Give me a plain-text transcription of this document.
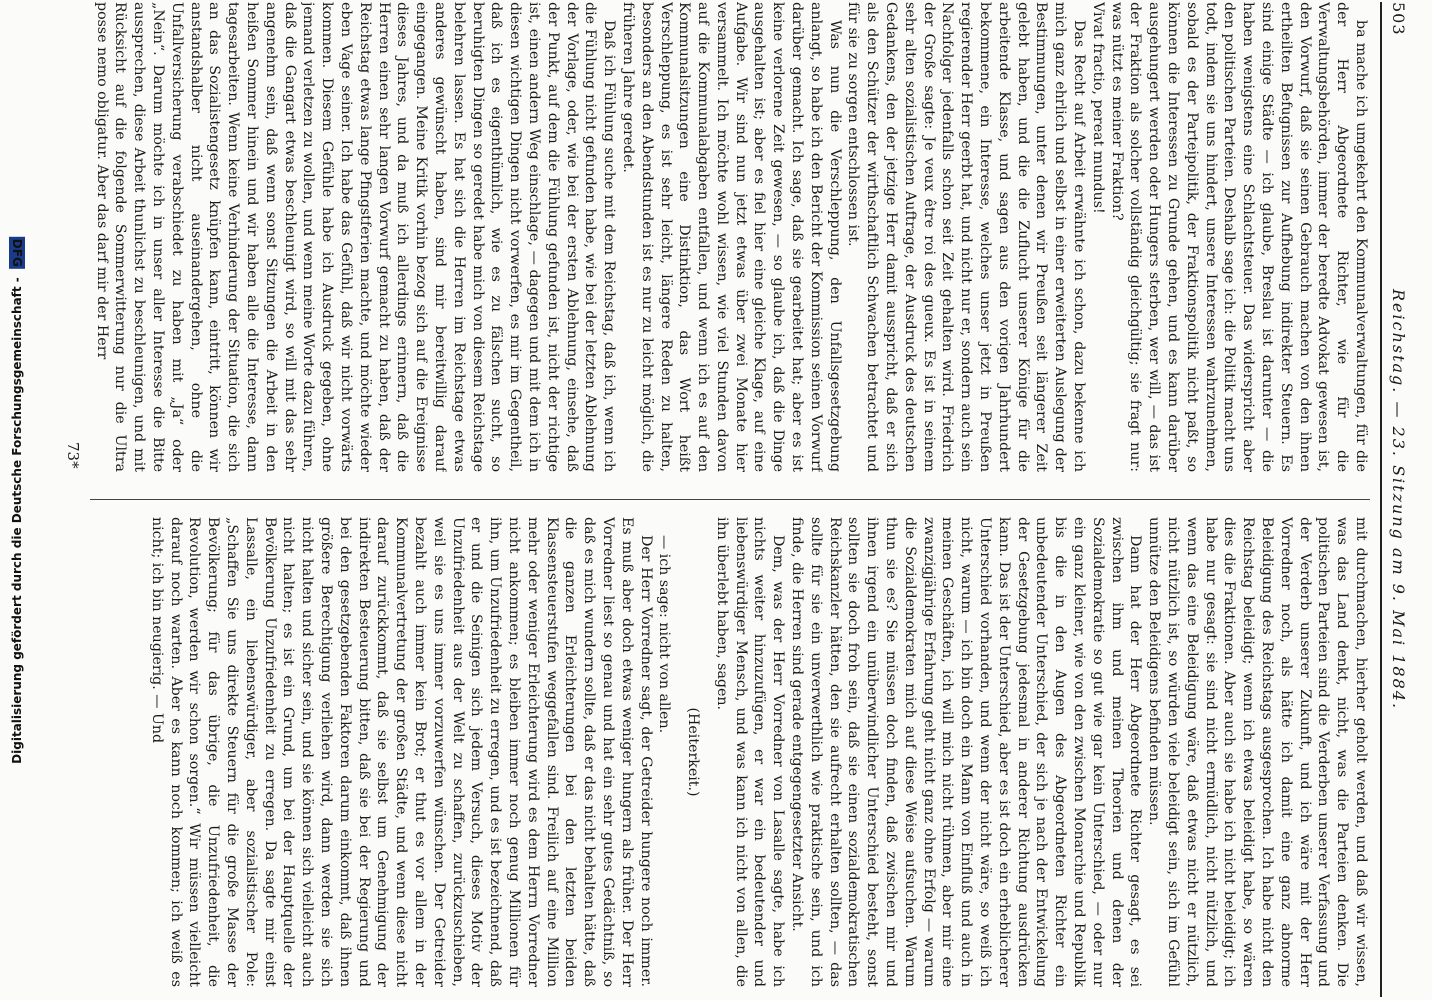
Digitalisierung gefördert durch die Deutsche Forschungsgemeinschaft - DFG
503
Reichstag. — 23. Sitzung am 9. Mai 1884.

ba mache ich umgekehrt den Kommunalverwaltungen, für die der Herr Abgeordnete Richter, wie für die Verwaltungsbehörden, immer der beredte Advokat gewesen ist, den Vorwurf, daß sie seinen Gebrauch machen von den ihnen ertheilten Befugnissen zur Aufhebung indirekter Steuern. Es sind einige Städte — ich glaube, Breslau ist darunter — die haben wenigstens eine Schlachtsteuer. Das widerspricht aber den politischen Parteien. Deshalb sage ich: die Politik macht uns todt, indem sie uns hindert, unsere Interessen wahrzunehmen, sobald es der Parteipolitik, der Fraktionspolitik nicht paßt, so können die Interessen zu Grunde gehen, und es kann darüber ausgehungert werden oder Hungers sterben, wer will, — das ist der Fraktion als solcher vollständig gleichgültig; sie fragt nur: was nützt es meiner Fraktion?

Vivat fractio, pereat mundus!

Das Recht auf Arbeit erwähnte ich schon, dazu bekenne ich mich ganz ehrlich und selbst in einer erweiterten Auslegung der Bestimmungen, unter denen wir Preußen seit längerer Zeit gelebt haben, und die die Zuflucht unserer Könige für die arbeitende Klasse, und sagen aus den vorigen Jahrhundert bekommene, ein Interesse, welches unser jetzt in Preußen regierender Herr geerbt hat, und nicht nur er, sondern auch sein Nachfolger jedenfalls schon seit Zeit gehalten wird. Friedrich der Große sagte: Je veux être roi des gueux. Es ist in seinem sehr alten sozialistischen Auftrage, der Ausdruck des deutschen Gedankens, den der jetzige Herr damit ausspricht, daß er sich als den Schützer der wirthschaftlich Schwachen betrachtet und für sie zu sorgen entschlossen ist.

Was nun die Verschleppung, den Unfallsgesetzgebung anlangt, so habe ich den Bericht der Kommission seinen Vorwurf darüber gemacht. Ich sage, daß sie gearbeitet hat; aber es ist keine verlorene Zeit gewesen, — so glaube ich, daß die Dinge ausgehalten ist; aber es fiel hier eine gleiche Klage, auf eine Aufgabe. Wir sind nun jetzt etwas über zwei Monate hier versammelt. Ich möchte wohl wissen, wie viel Stunden davon auf die Kommunalabgaben entfallen, und wenn ich es auf den Kommunalsitzungen eine Distinktion, das Wort heißt Verschleppung, es ist sehr leicht, längere Reden zu halten, besonders an den Abendstunden ist es nur zu leicht möglich, die früheren Jahre geredet.

Daß ich Fühlung suche mit dem Reichstag, daß ich, wenn ich die Fühlung nicht gefunden habe, wie bei der letzten Ablehnung der Vorlage, oder, wie bei der ersten Ablehnung, einsehe, daß der Punkt, auf dem die Fühlung gefunden ist, nicht der richtige ist, einen andern Weg einschlage, — dagegen und mit dem ich in diesen wichtigen Dingen nicht vorwerfen, es mir im Gegentheil, daß ich es eigenthümlich, wie es zu fälschen sucht, so beruhigten Dingen so geredet habe mich von diesem Reichstage belehren lassen. Es hat sich die Herren im Reichstage etwas anderes gewünscht haben, sind mir bereitwillig darauf eingegangen. Meine Kritik vorhin bezog sich auf die Ereignisse dieses Jahres, und da muß ich allerdings erinnern, daß die Herren einen sehr langen Vorwurf gemacht zu haben, daß der Reichstag etwas lange Pfingstferien machte, und möchte wieder eben Vage seiner. Ich habe das Gefühl, daß wir nicht vorwärts kommen. Diesem Gefühle habe ich Ausdruck gegeben, ohne jemand verletzen zu wollen, und wenn meine Worte dazu führen, daß die Gangart etwas beschleunigt wird, so will mit das sehr angenehm sein, daß wenn sonst Sitzungen die Arbeit in den heißen Sommer hinein und wir haben alle die Interesse, dann tagesarbeiten. Wenn keine Verhinderung der Situation, die sich an das Sozialistengesetz knüpfen kann, eintritt, können wir anstandshalber nicht auseinandergehen, ohne die Unfallversicherung verabschiedet zu haben mit „Ja“ oder „Nein“. Darum möchte ich in unser aller Interesse die Bitte aussprechen, diese Arbeit thunlichst zu beschleunigen, und mit Rücksicht auf die folgende Sommerwitterung nur die Ultra posse nemo obligatur. Aber das darf mir der Herr

mit durchmachen, hierher geholt werden, und daß wir wissen, was das Land denkt, nicht, was die Parteien denken. Die politischen Parteien sind die Verderben unserer Verfassung und der Verderb unserer Zukunft, und ich wäre mit der Herr Vorredner noch, als hätte ich damit eine ganz abnorme Beleidigung des Reichstags ausgesprochen. Ich habe nicht den Reichstag beleidigt; wenn ich etwas beleidigt habe, so wären dies die Fraktionen. Aber auch sie habe ich nicht beleidigt; ich habe nur gesagt: sie sind nicht ermüdlich, nicht nützlich, und wenn das eine Beleidigung wäre, daß etwas nicht er nützlich, nicht nützlich ist, so würden viele beleidigt sein, sich im Gefühl unnütze den Beleidigens befinden müssen.

Dann hat der Herr Abgeordnete Richter gesagt, es sei zwischen ihm und meinen Theorien und denen der Sozialdemokratie so gut wie gar kein Unterschied, — oder nur ein ganz kleiner, wie von den zwischen Monarchie und Republik bis die in den Augen des Abgeordneten Richter ein unbedeutender Unterschied, der sich je nach der Entwickelung der Gesetzgebung jedesmal in anderer Richtung ausdrücken kann. Das ist der Unterschied, aber es ist doch ein erheblicherer Unterschied vorhanden, und wenn der nicht wäre, so weiß ich nicht, warum — ich bin doch ein Mann von Einfluß und auch in meinen Geschäften, ich will mich nicht rühmen, aber mir eine zwanzigjährige Erfahrung geht nicht ganz ohne Erfolg — warum die Sozialdemokraten mich auf diese Weise aufsuchen. Warum thun sie es? Sie müssen doch finden, daß zwischen mir und ihnen irgend ein unüberwindlicher Unterschied besteht, sonst sollten sie doch froh sein, daß sie einen sozialdemokratischen Reichskanzler hätten, den sie aufrecht erhalten sollten, — das sollte für sie ein unverwerthlich wie praktische sein, und ich finde, die Herren sind gerade entgegengesetzter Ansicht.

Dem, was der Herr Vorredner von Lasalle sagte, habe ich nichts weiter hinzuzufügen, er war ein bedeutender und liebenswürdiger Mensch, und was kann ich nicht von allen, die ihn überlebt haben, sagen.

(Heiterkeit.)

— ich sage: nicht von allen.

Der Herr Vorredner sagt, der Getreider hungere noch immer. Es muß aber doch etwas weniger hungern als früher. Der Herr Vorredner liest so genau und hat ein sehr gutes Gedächtniß, so daß es mich wundern sollte, daß er das nicht behalten hätte, daß die ganzen Erleichterungen bei den letzten beiden Klassensteuerstufen weggefallen sind. Freilich auf eine Million mehr oder weniger Erleichterung wird es dem Herrn Vorredner nicht ankommen; es bleiben immer noch genug Millionen für ihn, um Unzufriedenheit zu erregen, und es ist bezeichnend, daß er und die Seinigen sich jedem Versuch, dieses Motiv der Unzufriedenheit aus der Welt zu schaffen, zurückzuschieben, weil sie es uns immer vorzuwerfen wünschen. Der Getreider bezahlt auch immer kein Brot; er thut es vor allem in der Kommunalvertretung der großen Städte, und wenn diese nicht darauf zurückkommt, daß sie selbst um Genehmigung der indirekten Besteuerung bitten, daß sie bei der Regierung und bei den gesetzgebenden Faktoren darum einkommt, daß ihnen größere Berechtigung verliehen wird, dann werden sie sich nicht halten und sicher sein, und sie können sich vielleicht auch nicht halten; es ist ein Grund, um bei der Hauptquelle der Bevölkerung Unzufriedenheit zu erregen. Da sagte mir einst Lassalle, ein liebenswürdiger, aber sozialistischer Pole: „Schaffen Sie uns direkte Steuern für die große Masse der Bevölkerung; für das übrige, die Unzufriedenheit, die Revolution, werden wir schon sorgen.“ Wir müssen vielleicht darauf noch warten. Aber es kann noch kommen; ich weiß es nicht; ich bin neugierig. — Und

73*
